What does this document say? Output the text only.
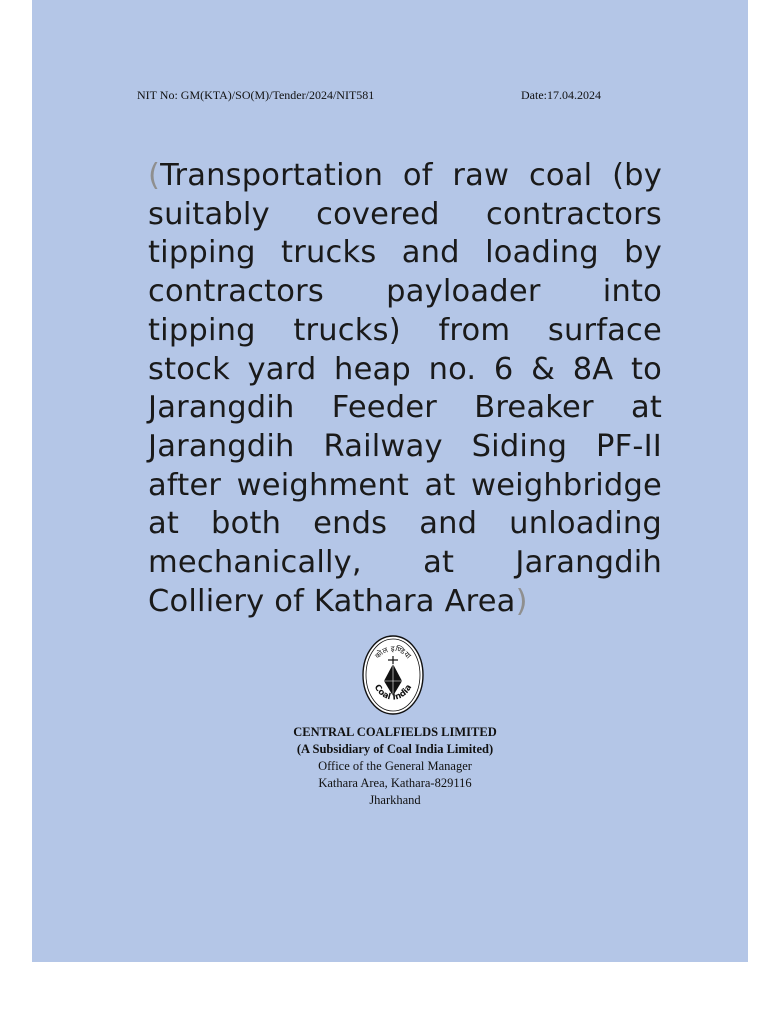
NIT No: GM(KTA)/SO(M)/Tender/2024/NIT581	Date:17.04.2024
(Transportation of raw coal (by suitably covered contractors tipping trucks and loading by contractors payloader into tipping trucks) from surface stock yard heap no. 6 & 8A to Jarangdih Feeder Breaker at Jarangdih Railway Siding PF-II after weighment at weighbridge at both ends and unloading mechanically, at Jarangdih Colliery of Kathara Area)
कोल इण्डिया
Coal India
CENTRAL COALFIELDS LIMITED
(A Subsidiary of Coal India Limited)
Office of the General Manager
Kathara Area, Kathara-829116
Jharkhand
